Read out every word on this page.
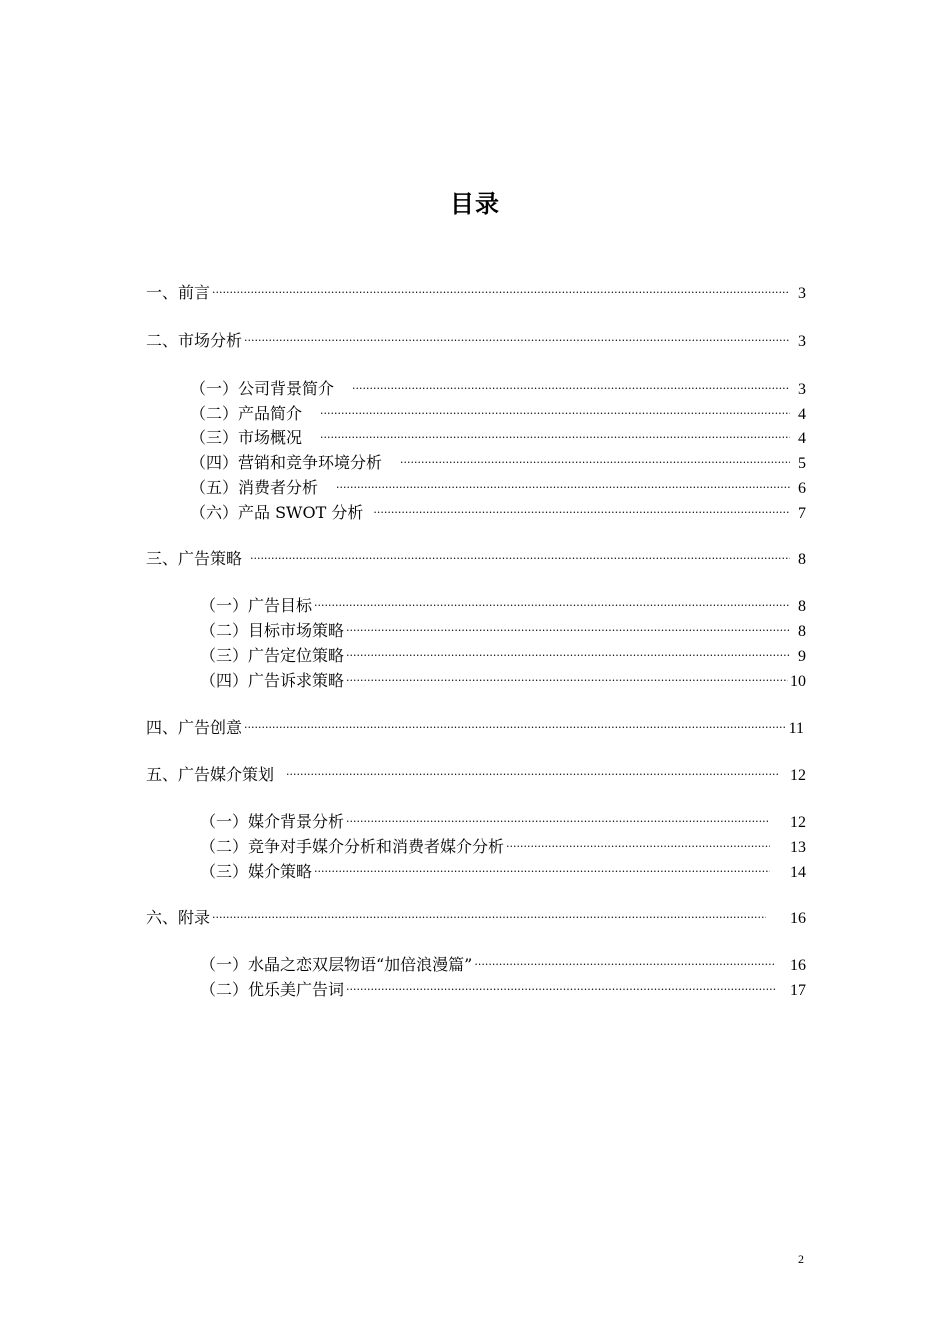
目录
一、前言 ·····	3
二、市场分析 ·····	3
（一）公司背景简介 ·····	3
（二）产品简介 ·····	4
（三）市场概况 ·····	4
（四）营销和竞争环境分析 ·····	5
（五）消费者分析 ·····	6
（六）产品 SWOT 分析 ·····	7
三、广告策略 ·····	8
（一）广告目标 ·····	8
（二）目标市场策略 ·····	8
（三）广告定位策略 ·····	9
（四）广告诉求策略 ·····	10
四、广告创意 ·····	11
五、广告媒介策划 ·····	12
（一）媒介背景分析 ·····	12
（二）竞争对手媒介分析和消费者媒介分析 ·····	13
（三）媒介策略 ·····	14
六、附录 ·····	16
（一）水晶之恋双层物语“加倍浪漫篇” ·····	16
（二）优乐美广告词 ·····	17
2
